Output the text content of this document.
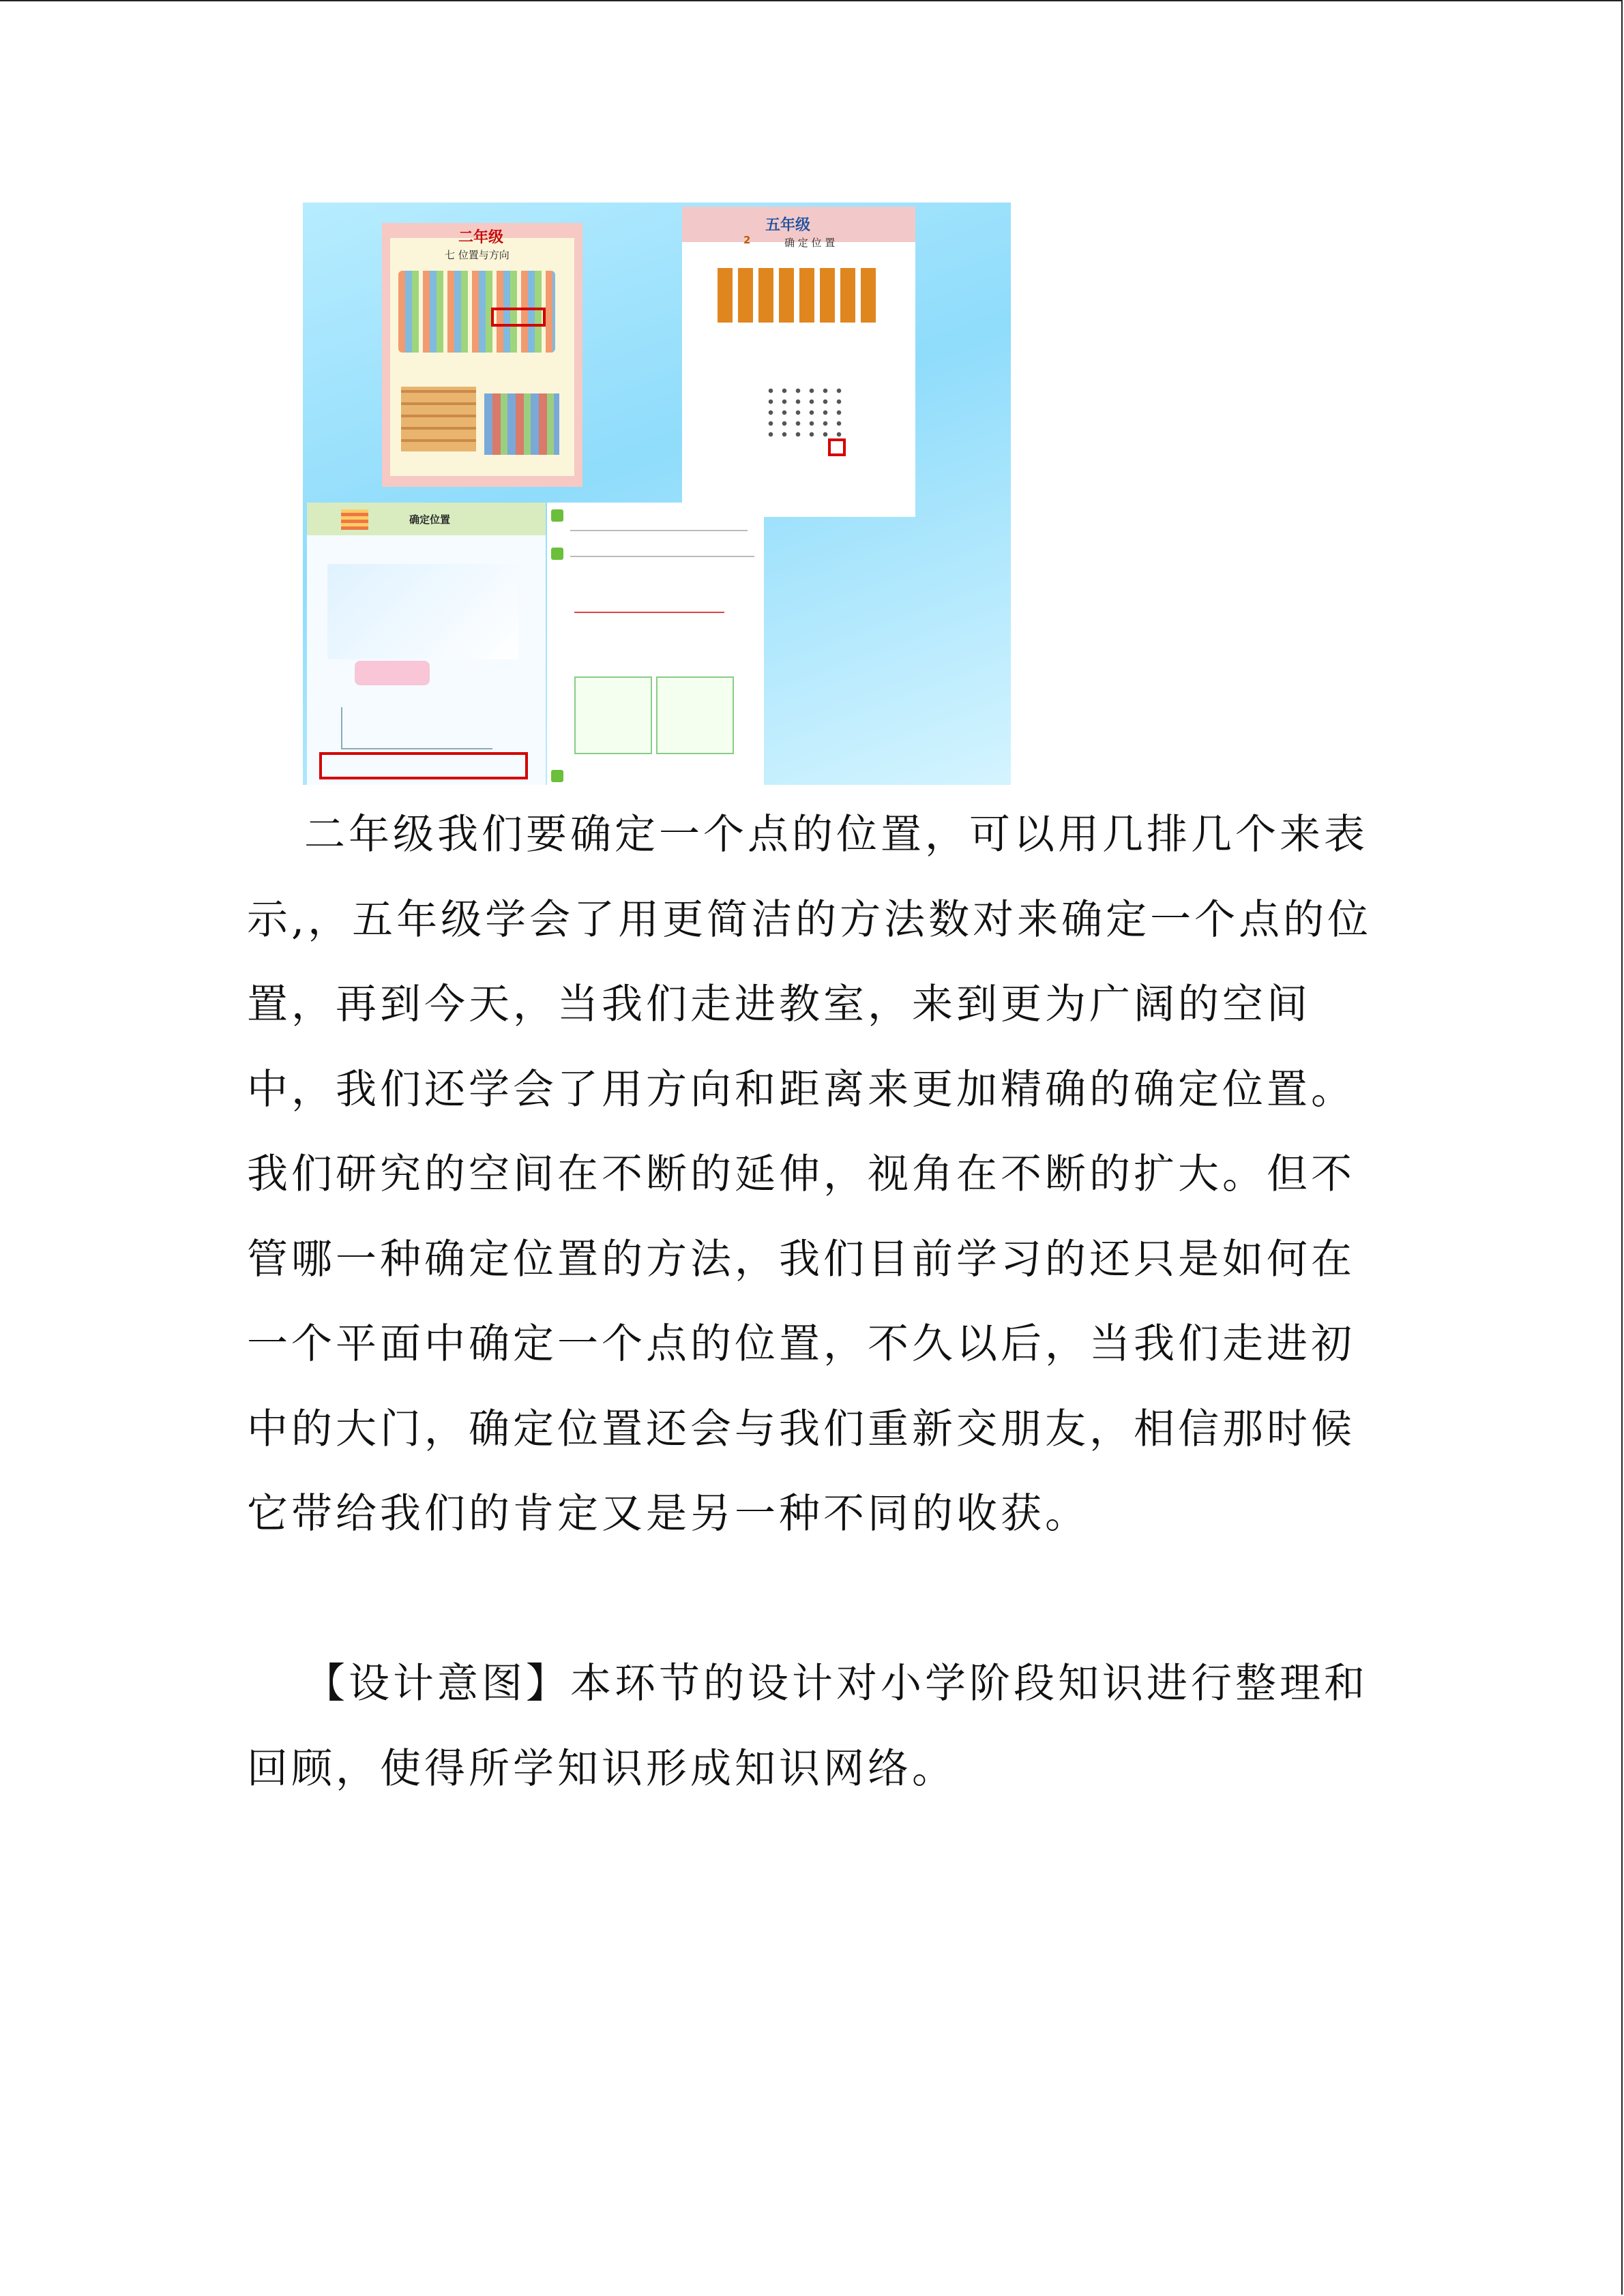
二年级
七 位置与方向
五年级
2	确 定 位 置
确定位置

二年级我们要确定一个点的位置，可以用几排几个来表示,，五年级学会了用更简洁的方法数对来确定一个点的位置，再到今天，当我们走进教室，来到更为广阔的空间中，我们还学会了用方向和距离来更加精确的确定位置。我们研究的空间在不断的延伸，视角在不断的扩大。但不管哪一种确定位置的方法，我们目前学习的还只是如何在一个平面中确定一个点的位置，不久以后，当我们走进初中的大门，确定位置还会与我们重新交朋友，相信那时候它带给我们的肯定又是另一种不同的收获。

【设计意图】本环节的设计对小学阶段知识进行整理和回顾，使得所学知识形成知识网络。
